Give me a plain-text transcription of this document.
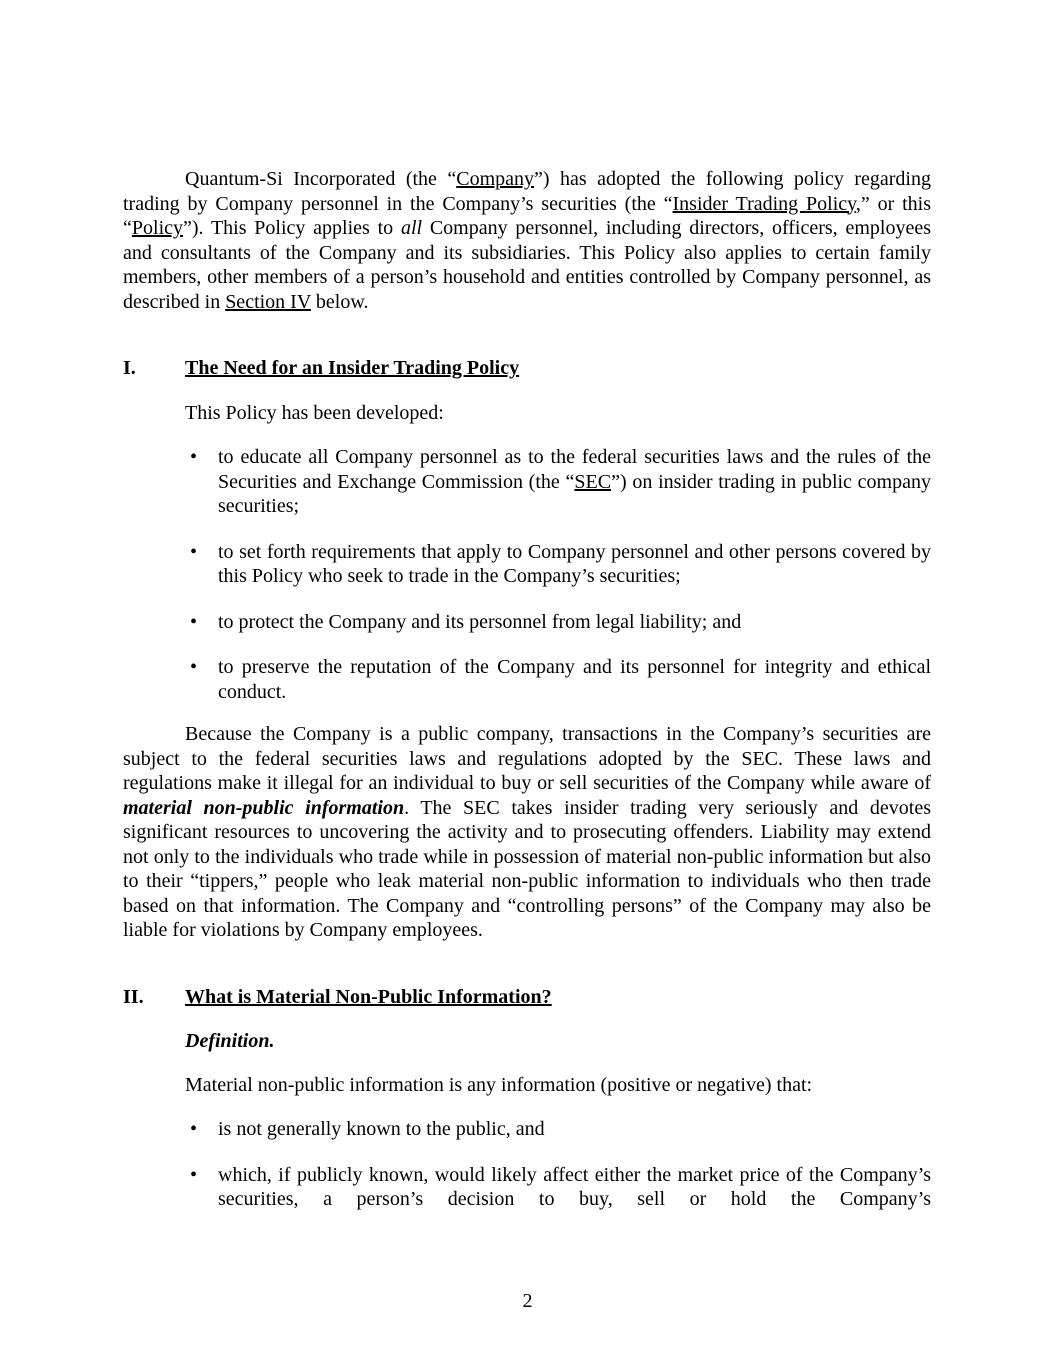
Quantum-Si Incorporated (the “Company”) has adopted the following policy regarding trading by Company personnel in the Company’s securities (the “Insider Trading Policy,” or this “Policy”). This Policy applies to all Company personnel, including directors, officers, employees and consultants of the Company and its subsidiaries. This Policy also applies to certain family members, other members of a person’s household and entities controlled by Company personnel, as described in Section IV below.

I.	The Need for an Insider Trading Policy

This Policy has been developed:

• to educate all Company personnel as to the federal securities laws and the rules of the Securities and Exchange Commission (the “SEC”) on insider trading in public company securities;
• to set forth requirements that apply to Company personnel and other persons covered by this Policy who seek to trade in the Company’s securities;
• to protect the Company and its personnel from legal liability; and
• to preserve the reputation of the Company and its personnel for integrity and ethical conduct.

Because the Company is a public company, transactions in the Company’s securities are subject to the federal securities laws and regulations adopted by the SEC. These laws and regulations make it illegal for an individual to buy or sell securities of the Company while aware of material non-public information. The SEC takes insider trading very seriously and devotes significant resources to uncovering the activity and to prosecuting offenders. Liability may extend not only to the individuals who trade while in possession of material non-public information but also to their “tippers,” people who leak material non-public information to individuals who then trade based on that information. The Company and “controlling persons” of the Company may also be liable for violations by Company employees.

II.	What is Material Non-Public Information?

Definition.

Material non-public information is any information (positive or negative) that:

• is not generally known to the public, and
• which, if publicly known, would likely affect either the market price of the Company’s securities, a person’s decision to buy, sell or hold the Company’s
2
